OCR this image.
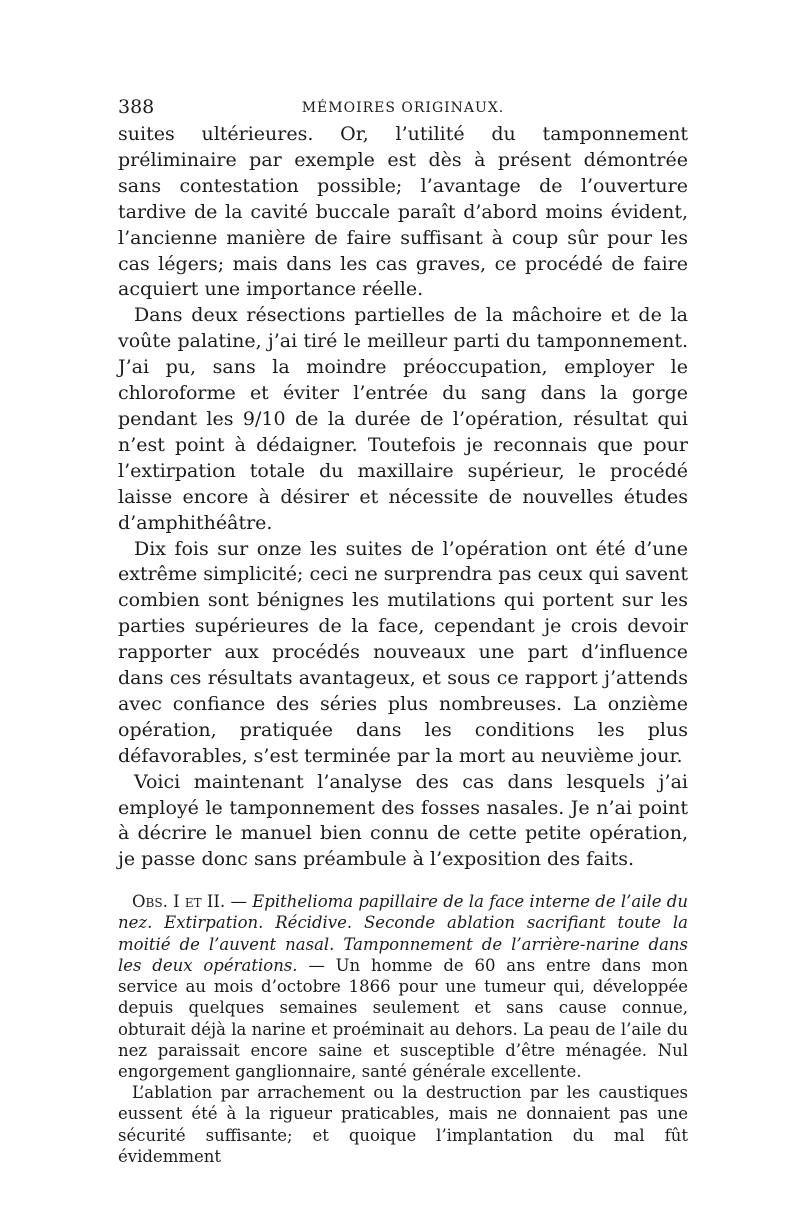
388	MÉMOIRES ORIGINAUX.

suites ultérieures. Or, l’utilité du tamponnement préliminaire par exemple est dès à présent démontrée sans contestation possible; l’avantage de l’ouverture tardive de la cavité buccale paraît d’abord moins évident, l’ancienne manière de faire suffisant à coup sûr pour les cas légers; mais dans les cas graves, ce procédé de faire acquiert une importance réelle.

Dans deux résections partielles de la mâchoire et de la voûte palatine, j’ai tiré le meilleur parti du tamponnement. J’ai pu, sans la moindre préoccupation, employer le chloroforme et éviter l’entrée du sang dans la gorge pendant les 9/10 de la durée de l’opération, résultat qui n’est point à dédaigner. Toutefois je reconnais que pour l’extirpation totale du maxillaire supérieur, le procédé laisse encore à désirer et nécessite de nouvelles études d’amphithéâtre.

Dix fois sur onze les suites de l’opération ont été d’une extrême simplicité; ceci ne surprendra pas ceux qui savent combien sont bénignes les mutilations qui portent sur les parties supérieures de la face, cependant je crois devoir rapporter aux procédés nouveaux une part d’influence dans ces résultats avantageux, et sous ce rapport j’attends avec confiance des séries plus nombreuses. La onzième opération, pratiquée dans les conditions les plus défavorables, s’est terminée par la mort au neuvième jour.

Voici maintenant l’analyse des cas dans lesquels j’ai employé le tamponnement des fosses nasales. Je n’ai point à décrire le manuel bien connu de cette petite opération, je passe donc sans préambule à l’exposition des faits.

Obs. I et II. — Epithelioma papillaire de la face interne de l’aile du nez. Extirpation. Récidive. Seconde ablation sacrifiant toute la moitié de l’auvent nasal. Tamponnement de l’arrière-narine dans les deux opérations. — Un homme de 60 ans entre dans mon service au mois d’octobre 1866 pour une tumeur qui, développée depuis quelques semaines seulement et sans cause connue, obturait déjà la narine et proéminait au dehors. La peau de l’aile du nez paraissait encore saine et susceptible d’être ménagée. Nul engorgement ganglionnaire, santé générale excellente.

L’ablation par arrachement ou la destruction par les caustiques eussent été à la rigueur praticables, mais ne donnaient pas une sécurité suffisante; et quoique l’implantation du mal fût évidemment
